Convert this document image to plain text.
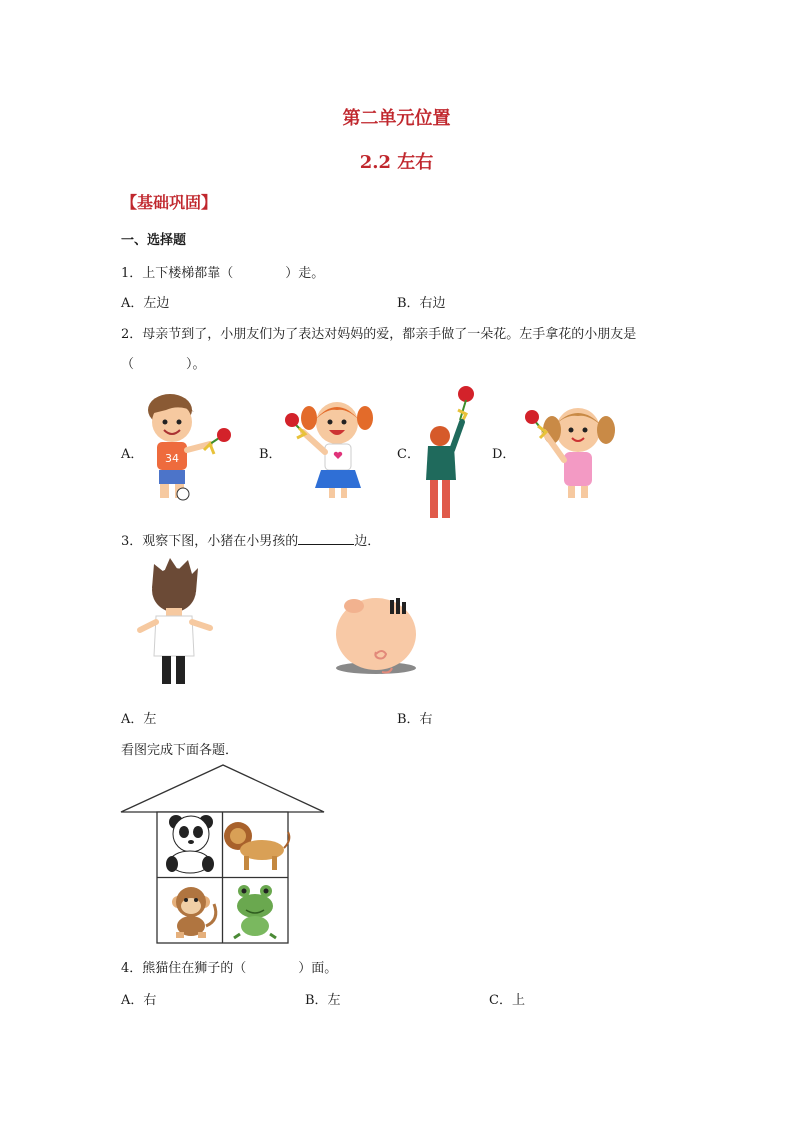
第二单元位置
2.2 左右
【基础巩固】
一、选择题
1．上下楼梯都靠（　　　　）走。
A．左边	B．右边
2．母亲节到了，小朋友们为了表达对妈妈的爱，都亲手做了一朵花。左手拿花的小朋友是
（　　　　）。
A．	B．	C．	D．
34
3．观察下图，小猪在小男孩的	边．
A．左	B．右
看图完成下面各题．
4．熊猫住在狮子的（　　　　）面。
A．右	B．左	C．上
